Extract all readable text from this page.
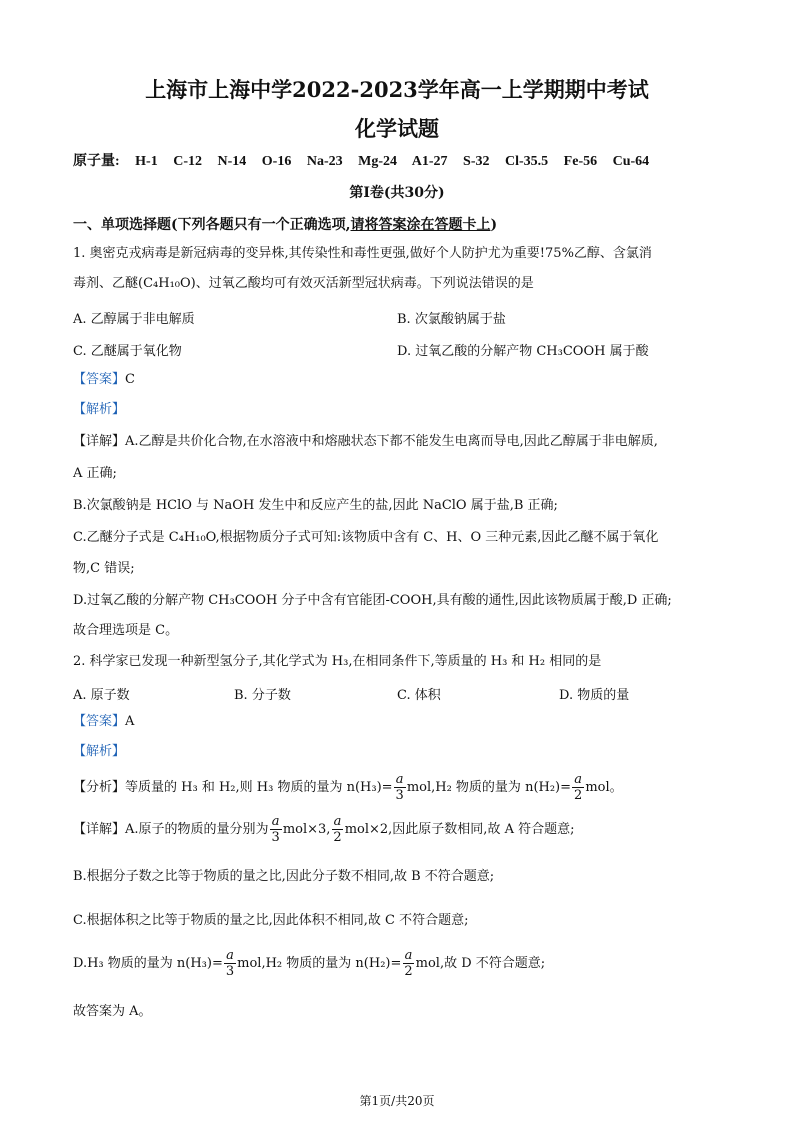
上海市上海中学2022-2023学年高一上学期期中考试
化学试题
原子量: H-1 C-12 N-14 O-16 Na-23 Mg-24 A1-27 S-32 Cl-35.5 Fe-56 Cu-64
第Ⅰ卷(共30分)
一、单项选择题(下列各题只有一个正确选项,请将答案涂在答题卡上)
1. 奥密克戎病毒是新冠病毒的变异株,其传染性和毒性更强,做好个人防护尤为重要!75%乙醇、含氯消
毒剂、乙醚(C₄H₁₀O)、过氧乙酸均可有效灭活新型冠状病毒。下列说法错误的是
A. 乙醇属于非电解质	B. 次氯酸钠属于盐
C. 乙醚属于氧化物	D. 过氧乙酸的分解产物 CH₃COOH 属于酸
【答案】C
【解析】
【详解】A.乙醇是共价化合物,在水溶液中和熔融状态下都不能发生电离而导电,因此乙醇属于非电解质,
A 正确;
B.次氯酸钠是 HClO 与 NaOH 发生中和反应产生的盐,因此 NaClO 属于盐,B 正确;
C.乙醚分子式是 C₄H₁₀O,根据物质分子式可知:该物质中含有 C、H、O 三种元素,因此乙醚不属于氧化
物,C 错误;
D.过氧乙酸的分解产物 CH₃COOH 分子中含有官能团-COOH,具有酸的通性,因此该物质属于酸,D 正确;
故合理选项是 C。
2. 科学家已发现一种新型氢分子,其化学式为 H₃,在相同条件下,等质量的 H₃ 和 H₂ 相同的是
A. 原子数	B. 分子数	C. 体积	D. 物质的量
【答案】A
【解析】
【分析】等质量的 H₃ 和 H₂,则 H₃ 物质的量为 $n(H_3)= \frac{a}{3} mol,H_2$ 物质的量为 $n(H_2)= \frac{a}{2}$ mol。
【详解】A.原子的物质的量分别为 $\frac{a}{3} mol\times 3$, $\frac{a}{2} mol\times 2$,因此原子数相同,故 A 符合题意;
B.根据分子数之比等于物质的量之比,因此分子数不相同,故 B 不符合题意;
C.根据体积之比等于物质的量之比,因此体积不相同,故 C 不符合题意;
D.H₃ 物质的量为 $n(H_3)= \frac{a}{3} mol,H_2$ 物质的量为 $n(H_2)= \frac{a}{2}$ mol,故 D 不符合题意;
故答案为 A。
第1页/共20页
